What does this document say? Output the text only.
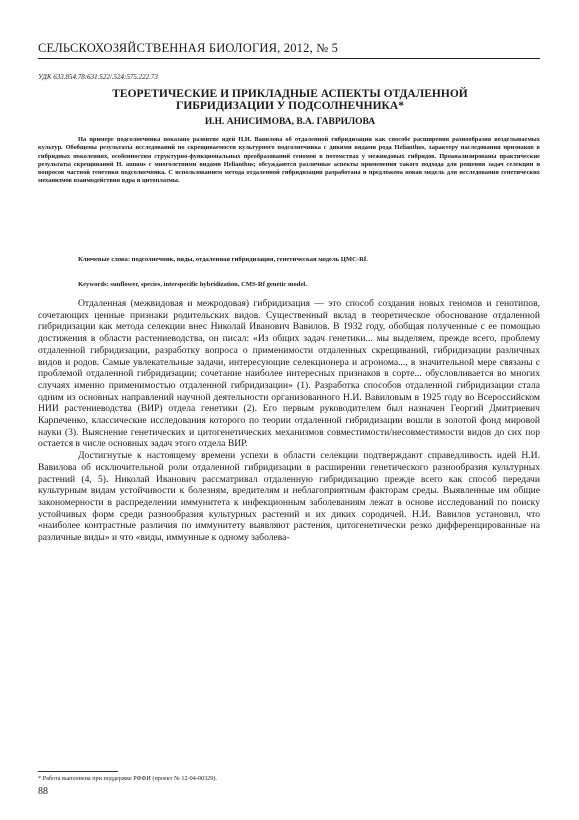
СЕЛЬСКОХОЗЯЙСТВЕННАЯ БИОЛОГИЯ, 2012, № 5
УДК 633.854.78:631.522/.524:575.222.73
ТЕОРЕТИЧЕСКИЕ И ПРИКЛАДНЫЕ АСПЕКТЫ ОТДАЛЕННОЙ
ГИБРИДИЗАЦИИ У ПОДСОЛНЕЧНИКА*
И.Н. АНИСИМОВА, В.А. ГАВРИЛОВА
На примере подсолнечника показано развитие идей Н.И. Вавилова об отдаленной гибридизации как способе расширения разнообразия возделываемых культур. Обобщены результаты исследований по скрещиваемости культурного подсолнечника с дикими видами рода Helianthus, характеру наследования признаков в гибридных поколениях, особенностям структурно-функциональных преобразований геномов в потомствах у межвидовых гибридов. Проанализированы практические результаты скрещиваний H. annuus с многолетними видами Helianthus; обсуждаются различные аспекты применения такого подхода для решения задач селекции и вопросов частной генетики подсолнечника. С использованием метода отдаленной гибридизации разработана и предложена новая модель для исследования генетических механизмов взаимодействия ядра и цитоплазмы.
Ключевые слова: подсолнечник, виды, отдаленная гибридизация, генетическая модель ЦМС-Rf.
Keywords: sunflower, species, interspecific hybridization, CMS-Rf genetic model.

Отдаленная (межвидовая и межродовая) гибридизация — это способ создания новых геномов и генотипов, сочетающих ценные признаки родительских видов. Существенный вклад в теоретическое обоснование отдаленной гибридизации как метода селекции внес Николай Иванович Вавилов. В 1932 году, обобщая полученные с ее помощью достижения в области растениеводства, он писал: «Из общих задач генетики... мы выделяем, прежде всего, проблему отдаленной гибридизации, разработку вопроса о применимости отдаленных скрещиваний, гибридизации различных видов и родов. Самые увлекательные задачи, интересующие селекционера и агронома..., в значительной мере связаны с проблемой отдаленной гибридизации; сочетание наиболее интересных признаков в сорте... обусловливается во многих случаях именно применимостью отдаленной гибридизации» (1). Разработка способов отдаленной гибридизации стала одним из основных направлений научной деятельности организованного Н.И. Вавиловым в 1925 году во Всероссийском НИИ растениеводства (ВИР) отдела генетики (2). Его первым руководителем был назначен Георгий Дмитриевич Карпеченко, классические исследования которого по теории отдаленной гибридизации вошли в золотой фонд мировой науки (3). Выяснение генетических и цитогенетических механизмов совместимости/несовместимости видов до сих пор остается в числе основных задач этого отдела ВИР.

Достигнутые к настоящему времени успехи в области селекции подтверждают справедливость идей Н.И. Вавилова об исключительной роли отдаленной гибридизации в расширении генетического разнообразия культурных растений (4, 5). Николай Иванович рассматривал отдаленную гибридизацию прежде всего как способ передачи культурным видам устойчивости к болезням, вредителям и неблагоприятным факторам среды. Выявленные им общие закономерности в распределении иммунитета к инфекционным заболеваниям лежат в основе исследований по поиску устойчивых форм среди разнообразия культурных растений и их диких сородичей. Н.И. Вавилов установил, что «наиболее контрастные различия по иммунитету выявляют растения, цитогенетически резко дифференцированные на различные виды» и что «виды, иммунные к одному заболева-

* Работа выполнена при поддержке РФФИ (проект № 12-04-00329).
88
